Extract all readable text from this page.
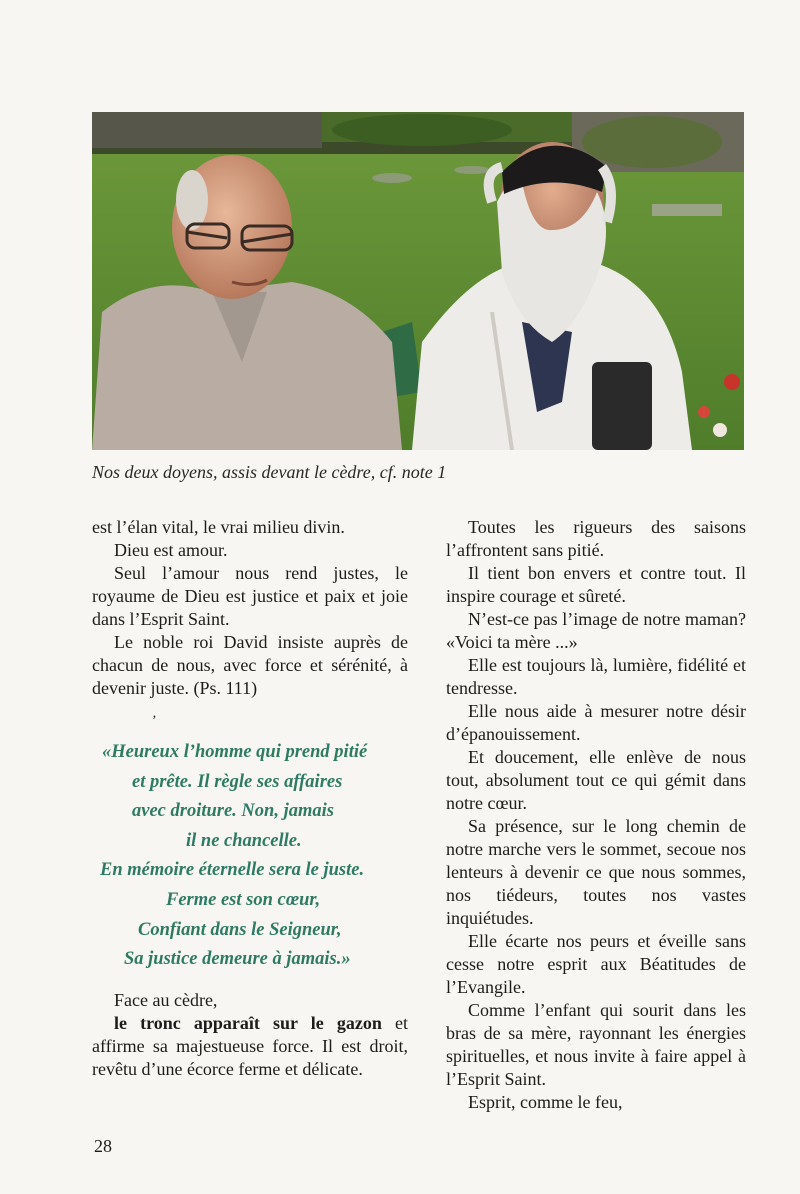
Nos deux doyens, assis devant le cèdre, cf. note 1

est l’élan vital, le vrai milieu divin.

Dieu est amour.

Seul l’amour nous rend justes, le royaume de Dieu est justice et paix et joie dans l’Esprit Saint.

Le noble roi David insiste auprès de chacun de nous, avec force et sérénité, à devenir juste. (Ps. 111)

‚
«Heureux l’homme qui prend pitié
et prête. Il règle ses affaires
avec droiture. Non, jamais
il ne chancelle.
En mémoire éternelle sera le juste.
Ferme est son cœur,
Confiant dans le Seigneur,
Sa justice demeure à jamais.»

Face au cèdre,

le tronc apparaît sur le gazon et affirme sa majestueuse force. Il est droit, revêtu d’une écorce ferme et délicate.

Toutes les rigueurs des saisons l’affrontent sans pitié.

Il tient bon envers et contre tout. Il inspire courage et sûreté.

N’est-ce pas l’image de notre maman? «Voici ta mère ...»

Elle est toujours là, lumière, fidélité et tendresse.

Elle nous aide à mesurer notre désir d’épanouissement.

Et doucement, elle enlève de nous tout, absolument tout ce qui gémit dans notre cœur.

Sa présence, sur le long chemin de notre marche vers le sommet, secoue nos lenteurs à devenir ce que nous sommes, nos tiédeurs, toutes nos vastes inquiétudes.

Elle écarte nos peurs et éveille sans cesse notre esprit aux Béatitudes de l’Evangile.

Comme l’enfant qui sourit dans les bras de sa mère, rayonnant les énergies spirituelles, et nous invite à faire appel à l’Esprit Saint.

Esprit, comme le feu,

28
